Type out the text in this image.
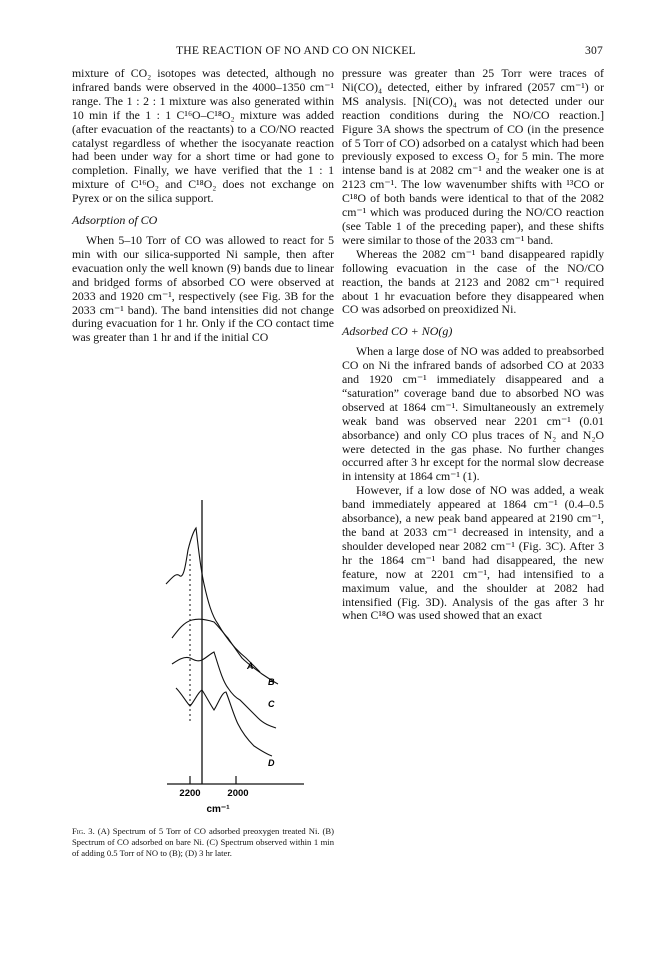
THE REACTION OF NO AND CO ON NICKEL	307

mixture of CO₂ isotopes was detected, although no infrared bands were observed in the 4000–1350 cm⁻¹ range. The 1 : 2 : 1 mixture was also generated within 10 min if the 1 : 1 C¹⁶O–C¹⁸O₂ mixture was added (after evacuation of the reactants) to a CO/NO reacted catalyst regardless of whether the isocyanate reaction had been under way for a short time or had gone to completion. Finally, we have verified that the 1 : 1 mixture of C¹⁶O₂ and C¹⁸O₂ does not exchange on Pyrex or on the silica support.

Adsorption of CO

When 5–10 Torr of CO was allowed to react for 5 min with our silica-supported Ni sample, then after evacuation only the well known (9) bands due to linear and bridged forms of absorbed CO were observed at 2033 and 1920 cm⁻¹, respectively (see Fig. 3B for the 2033 cm⁻¹ band). The band intensities did not change during evacuation for 1 hr. Only if the CO contact time was greater than 1 hr and if the initial CO

A
B
C
D
2200	2000
cm⁻¹
Fig. 3. (A) Spectrum of 5 Torr of CO adsorbed preoxygen treated Ni. (B) Spectrum of CO adsorbed on bare Ni. (C) Spectrum observed within 1 min of adding 0.5 Torr of NO to (B); (D) 3 hr later.

pressure was greater than 25 Torr were traces of Ni(CO)₄ detected, either by infrared (2057 cm⁻¹) or MS analysis. [Ni(CO)₄ was not detected under our reaction conditions during the NO/CO reaction.] Figure 3A shows the spectrum of CO (in the presence of 5 Torr of CO) adsorbed on a catalyst which had been previously exposed to excess O₂ for 5 min. The more intense band is at 2082 cm⁻¹ and the weaker one is at 2123 cm⁻¹. The low wavenumber shifts with ¹³CO or C¹⁸O of both bands were identical to that of the 2082 cm⁻¹ which was produced during the NO/CO reaction (see Table 1 of the preceding paper), and these shifts were similar to those of the 2033 cm⁻¹ band.

Whereas the 2082 cm⁻¹ band disappeared rapidly following evacuation in the case of the NO/CO reaction, the bands at 2123 and 2082 cm⁻¹ required about 1 hr evacuation before they disappeared when CO was adsorbed on preoxidized Ni.

Adsorbed CO + NO(g)

When a large dose of NO was added to preabsorbed CO on Ni the infrared bands of adsorbed CO at 2033 and 1920 cm⁻¹ immediately disappeared and a “saturation” coverage band due to absorbed NO was observed at 1864 cm⁻¹. Simultaneously an extremely weak band was observed near 2201 cm⁻¹ (0.01 absorbance) and only CO plus traces of N₂ and N₂O were detected in the gas phase. No further changes occurred after 3 hr except for the normal slow decrease in intensity at 1864 cm⁻¹ (1).

However, if a low dose of NO was added, a weak band immediately appeared at 1864 cm⁻¹ (0.4–0.5 absorbance), a new peak band appeared at 2190 cm⁻¹, the band at 2033 cm⁻¹ decreased in intensity, and a shoulder developed near 2082 cm⁻¹ (Fig. 3C). After 3 hr the 1864 cm⁻¹ band had disappeared, the new feature, now at 2201 cm⁻¹, had intensified to a maximum value, and the shoulder at 2082 had intensified (Fig. 3D). Analysis of the gas after 3 hr when C¹⁸O was used showed that an exact
